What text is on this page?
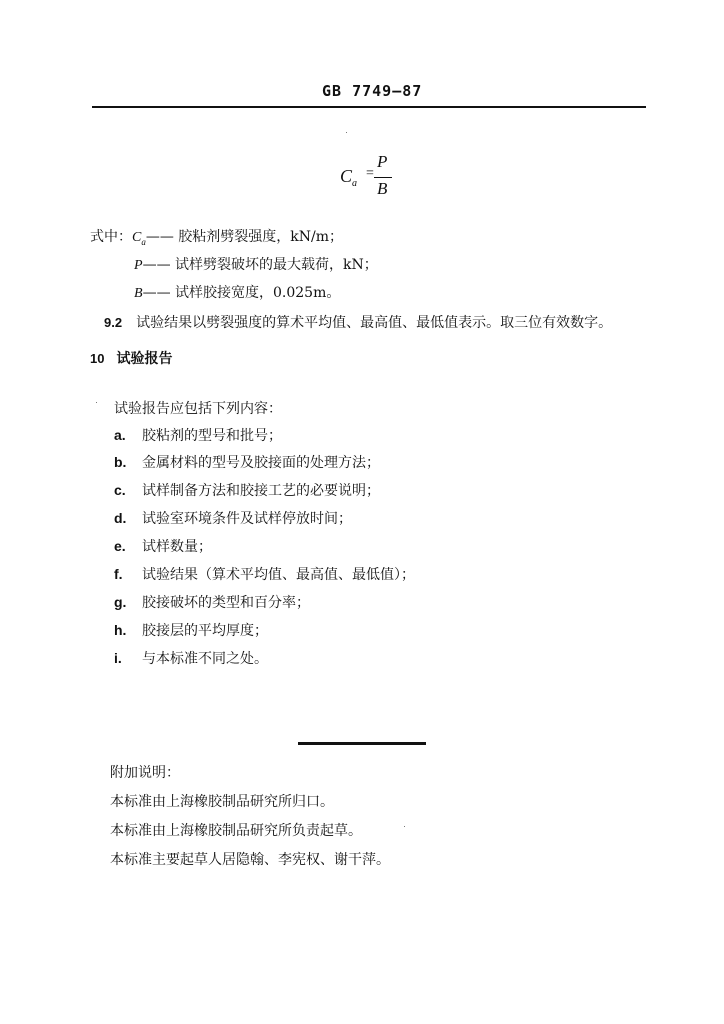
GB 7749—87
$C_a$
=
P
B
式中：$C_a——$ 胶粘剂劈裂强度，kN/m；
P—— 试样劈裂破坏的最大载荷，kN；
B—— 试样胶接宽度，0.025m。
9.2 试验结果以劈裂强度的算术平均值、最高值、最低值表示。取三位有效数字。
10 试验报告
试验报告应包括下列内容：
a. 胶粘剂的型号和批号；
b. 金属材料的型号及胶接面的处理方法；
c. 试样制备方法和胶接工艺的必要说明；
d. 试验室环境条件及试样停放时间；
e. 试样数量；
f. 试验结果（算术平均值、最高值、最低值）；
g. 胶接破坏的类型和百分率；
h. 胶接层的平均厚度；
i. 与本标准不同之处。
附加说明：
本标准由上海橡胶制品研究所归口。
本标准由上海橡胶制品研究所负责起草。
本标准主要起草人居隐翰、李宪权、谢干萍。
